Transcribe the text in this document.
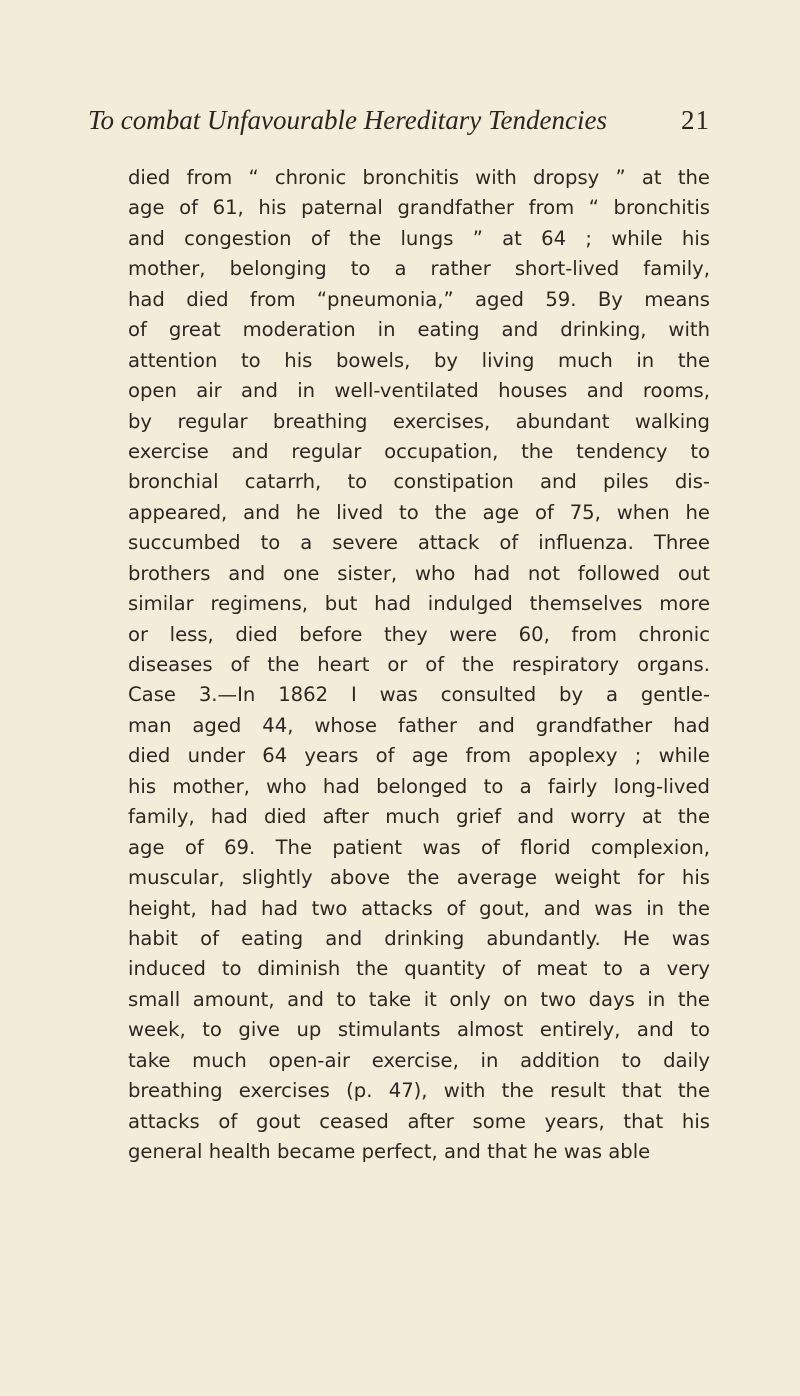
To combat Unfavourable Hereditary Tendencies	21
died from “ chronic bronchitis with dropsy ” at the
age of 61, his paternal grandfather from “ bronchitis
and congestion of the lungs ” at 64 ; while his
mother, belonging to a rather short-lived family,
had died from “pneumonia,” aged 59. By means
of great moderation in eating and drinking, with
attention to his bowels, by living much in the
open air and in well-ventilated houses and rooms,
by regular breathing exercises, abundant walking
exercise and regular occupation, the tendency to
bronchial catarrh, to constipation and piles dis-
appeared, and he lived to the age of 75, when he
succumbed to a severe attack of influenza. Three
brothers and one sister, who had not followed out
similar regimens, but had indulged themselves more
or less, died before they were 60, from chronic
diseases of the heart or of the respiratory organs.
Case 3.—In 1862 I was consulted by a gentle-
man aged 44, whose father and grandfather had
died under 64 years of age from apoplexy ; while
his mother, who had belonged to a fairly long-lived
family, had died after much grief and worry at the
age of 69. The patient was of florid complexion,
muscular, slightly above the average weight for his
height, had had two attacks of gout, and was in the
habit of eating and drinking abundantly. He was
induced to diminish the quantity of meat to a very
small amount, and to take it only on two days in the
week, to give up stimulants almost entirely, and to
take much open-air exercise, in addition to daily
breathing exercises (p. 47), with the result that the
attacks of gout ceased after some years, that his
general health became perfect, and that he was able
